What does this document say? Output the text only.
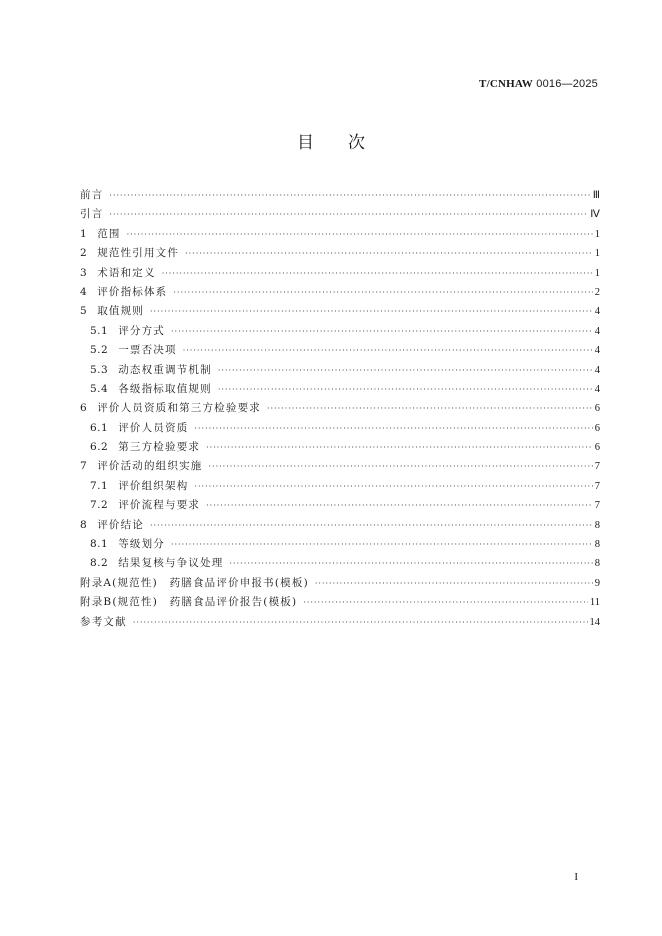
T/CNHAW 0016—2025
目次
前言 ·····	Ⅲ
引言 ·····	Ⅳ
1 范围 ·····	1
2 规范性引用文件 ·····	1
3 术语和定义 ·····	1
4 评价指标体系 ·····	2
5 取值规则 ·····	4
5.1 评分方式 ·····	4
5.2 一票否决项 ·····	4
5.3 动态权重调节机制 ·····	4
5.4 各级指标取值规则 ·····	4
6 评价人员资质和第三方检验要求 ·····	6
6.1 评价人员资质 ·····	6
6.2 第三方检验要求 ·····	6
7 评价活动的组织实施 ·····	7
7.1 评价组织架构 ·····	7
7.2 评价流程与要求 ·····	7
8 评价结论 ·····	8
8.1 等级划分 ·····	8
8.2 结果复核与争议处理 ·····	8
附录A(规范性)　药膳食品评价申报书(模板) ·····	9
附录B(规范性)　药膳食品评价报告(模板) ·····	11
参考文献 ·····	14
I
